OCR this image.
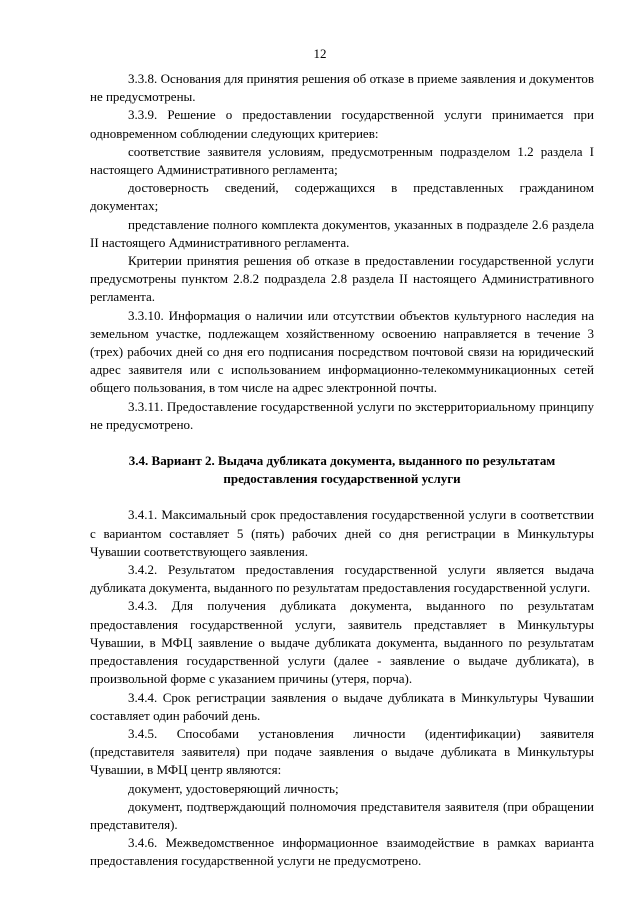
12

3.3.8. Основания для принятия решения об отказе в приеме заявления и документов не предусмотрены.

3.3.9. Решение о предоставлении государственной услуги принимается при одновременном соблюдении следующих критериев:

соответствие заявителя условиям, предусмотренным подразделом 1.2 раздела I настоящего Административного регламента;

достоверность сведений, содержащихся в представленных гражданином документах;

представление полного комплекта документов, указанных в подразделе 2.6 раздела II настоящего Административного регламента.

Критерии принятия решения об отказе в предоставлении государственной услуги предусмотрены пунктом 2.8.2 подраздела 2.8 раздела II настоящего Административного регламента.

3.3.10. Информация о наличии или отсутствии объектов культурного наследия на земельном участке, подлежащем хозяйственному освоению направляется в течение 3 (трех) рабочих дней со дня его подписания посредством почтовой связи на юридический адрес заявителя или с использованием информационно-телекоммуникационных сетей общего пользования, в том числе на адрес электронной почты.

3.3.11. Предоставление государственной услуги по экстерриториальному принципу не предусмотрено.

3.4. Вариант 2. Выдача дубликата документа, выданного по результатам предоставления государственной услуги

3.4.1. Максимальный срок предоставления государственной услуги в соответствии с вариантом составляет 5 (пять) рабочих дней со дня регистрации в Минкультуры Чувашии соответствующего заявления.

3.4.2. Результатом предоставления государственной услуги является выдача дубликата документа, выданного по результатам предоставления государственной услуги.

3.4.3. Для получения дубликата документа, выданного по результатам предоставления государственной услуги, заявитель представляет в Минкультуры Чувашии, в МФЦ заявление о выдаче дубликата документа, выданного по результатам предоставления государственной услуги (далее - заявление о выдаче дубликата), в произвольной форме с указанием причины (утеря, порча).

3.4.4. Срок регистрации заявления о выдаче дубликата в Минкультуры Чувашии составляет один рабочий день.

3.4.5. Способами установления личности (идентификации) заявителя (представителя заявителя) при подаче заявления о выдаче дубликата в Минкультуры Чувашии, в МФЦ центр являются:

документ, удостоверяющий личность;

документ, подтверждающий полномочия представителя заявителя (при обращении представителя).

3.4.6. Межведомственное информационное взаимодействие в рамках варианта предоставления государственной услуги не предусмотрено.
